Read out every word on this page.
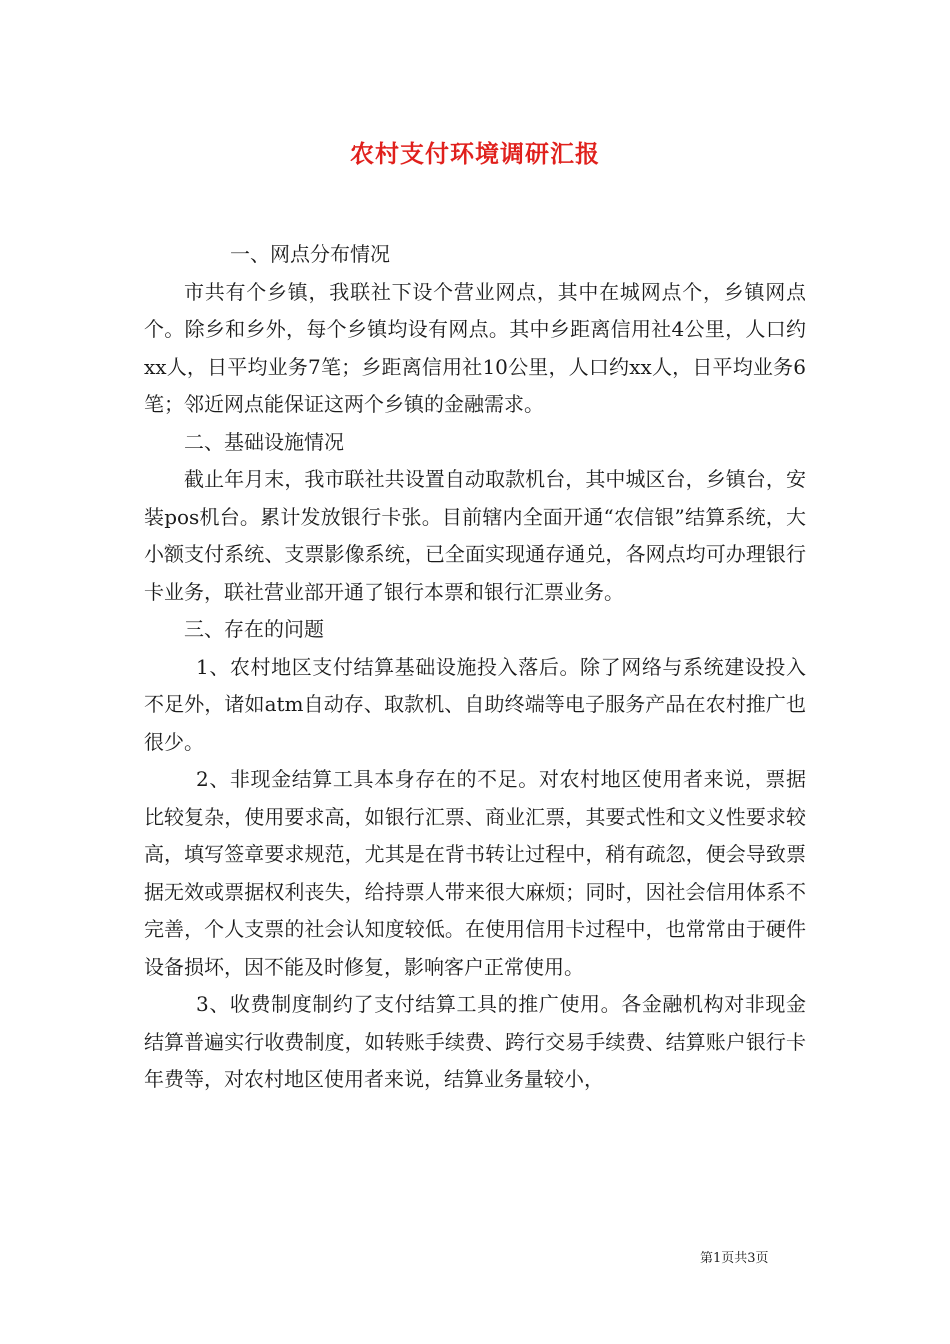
农村支付环境调研汇报

一、网点分布情况

市共有个乡镇，我联社下设个营业网点，其中在城网点个，乡镇网点个。除乡和乡外，每个乡镇均设有网点。其中乡距离信用社4公里，人口约xx人，日平均业务7笔；乡距离信用社10公里，人口约xx人，日平均业务6笔；邻近网点能保证这两个乡镇的金融需求。

二、基础设施情况

截止年月末，我市联社共设置自动取款机台，其中城区台，乡镇台，安装pos机台。累计发放银行卡张。目前辖内全面开通“农信银”结算系统，大小额支付系统、支票影像系统，已全面实现通存通兑，各网点均可办理银行卡业务，联社营业部开通了银行本票和银行汇票业务。

三、存在的问题

1、农村地区支付结算基础设施投入落后。除了网络与系统建设投入不足外，诸如atm自动存、取款机、自助终端等电子服务产品在农村推广也很少。

2、非现金结算工具本身存在的不足。对农村地区使用者来说，票据比较复杂，使用要求高，如银行汇票、商业汇票，其要式性和文义性要求较高，填写签章要求规范，尤其是在背书转让过程中，稍有疏忽，便会导致票据无效或票据权利丧失，给持票人带来很大麻烦；同时，因社会信用体系不完善，个人支票的社会认知度较低。在使用信用卡过程中，也常常由于硬件设备损坏，因不能及时修复，影响客户正常使用。

3、收费制度制约了支付结算工具的推广使用。各金融机构对非现金结算普遍实行收费制度，如转账手续费、跨行交易手续费、结算账户银行卡年费等，对农村地区使用者来说，结算业务量较小，

第1页共3页
